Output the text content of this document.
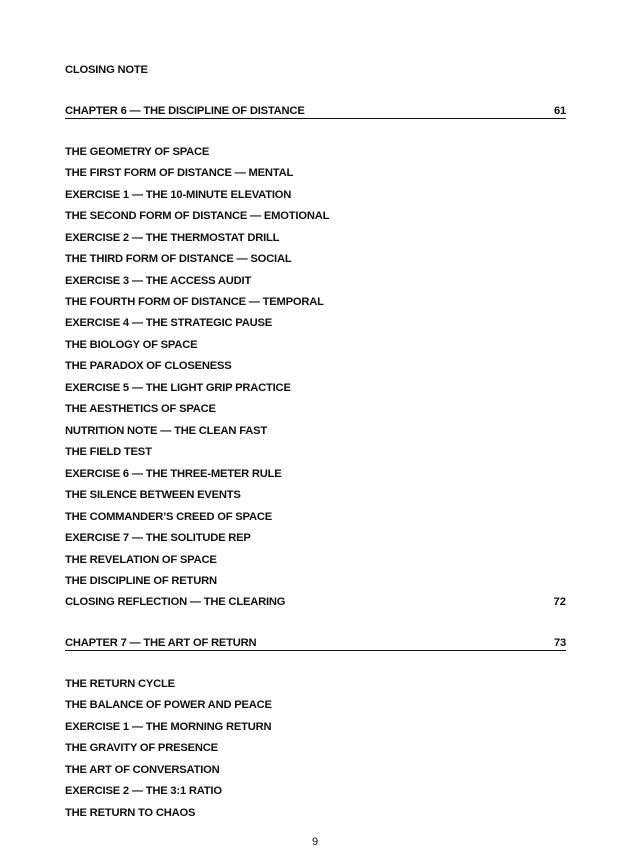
CLOSING NOTE
CHAPTER 6 — THE DISCIPLINE OF DISTANCE	61
THE GEOMETRY OF SPACE
THE FIRST FORM OF DISTANCE — MENTAL
EXERCISE 1 — THE 10-MINUTE ELEVATION
THE SECOND FORM OF DISTANCE — EMOTIONAL
EXERCISE 2 — THE THERMOSTAT DRILL
THE THIRD FORM OF DISTANCE — SOCIAL
EXERCISE 3 — THE ACCESS AUDIT
THE FOURTH FORM OF DISTANCE — TEMPORAL
EXERCISE 4 — THE STRATEGIC PAUSE
THE BIOLOGY OF SPACE
THE PARADOX OF CLOSENESS
EXERCISE 5 — THE LIGHT GRIP PRACTICE
THE AESTHETICS OF SPACE
NUTRITION NOTE — THE CLEAN FAST
THE FIELD TEST
EXERCISE 6 — THE THREE-METER RULE
THE SILENCE BETWEEN EVENTS
THE COMMANDER’S CREED OF SPACE
EXERCISE 7 — THE SOLITUDE REP
THE REVELATION OF SPACE
THE DISCIPLINE OF RETURN
CLOSING REFLECTION — THE CLEARING	72
CHAPTER 7 — THE ART OF RETURN	73
THE RETURN CYCLE
THE BALANCE OF POWER AND PEACE
EXERCISE 1 — THE MORNING RETURN
THE GRAVITY OF PRESENCE
THE ART OF CONVERSATION
EXERCISE 2 — THE 3:1 RATIO
THE RETURN TO CHAOS
9
